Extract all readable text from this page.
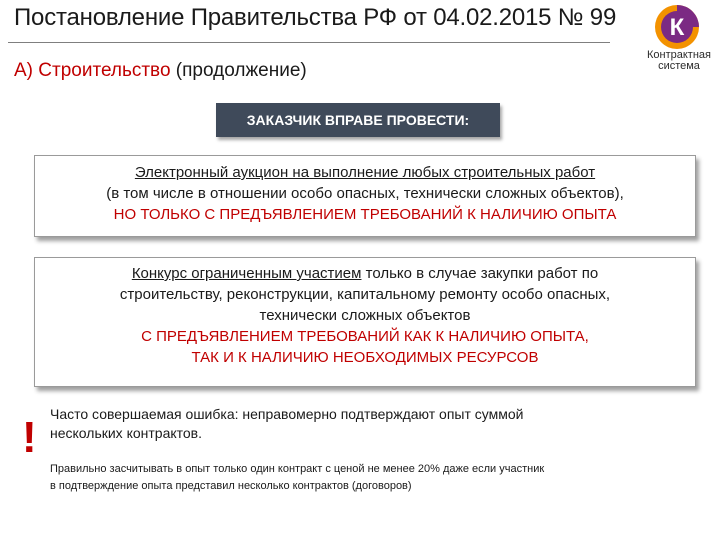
Постановление Правительства РФ от 04.02.2015 № 99
А) Строительство (продолжение)
К
Контрактная
система
ЗАКАЗЧИК ВПРАВЕ ПРОВЕСТИ:
Электронный аукцион на выполнение любых строительных работ
(в том числе в отношении особо опасных, технически сложных объектов),
НО ТОЛЬКО С ПРЕДЪЯВЛЕНИЕМ ТРЕБОВАНИЙ К НАЛИЧИЮ ОПЫТА
Конкурс ограниченным участием только в случае закупки работ по
строительству, реконструкции, капитальному ремонту особо опасных,
технически сложных объектов
С ПРЕДЪЯВЛЕНИЕМ ТРЕБОВАНИЙ КАК К НАЛИЧИЮ ОПЫТА,
ТАК И К НАЛИЧИЮ НЕОБХОДИМЫХ РЕСУРСОВ
! Часто совершаемая ошибка: неправомерно подтверждают опыт суммой
нескольких контрактов.
Правильно засчитывать в опыт только один контракт с ценой не менее 20% даже если участник
в подтверждение опыта представил несколько контрактов (договоров)
